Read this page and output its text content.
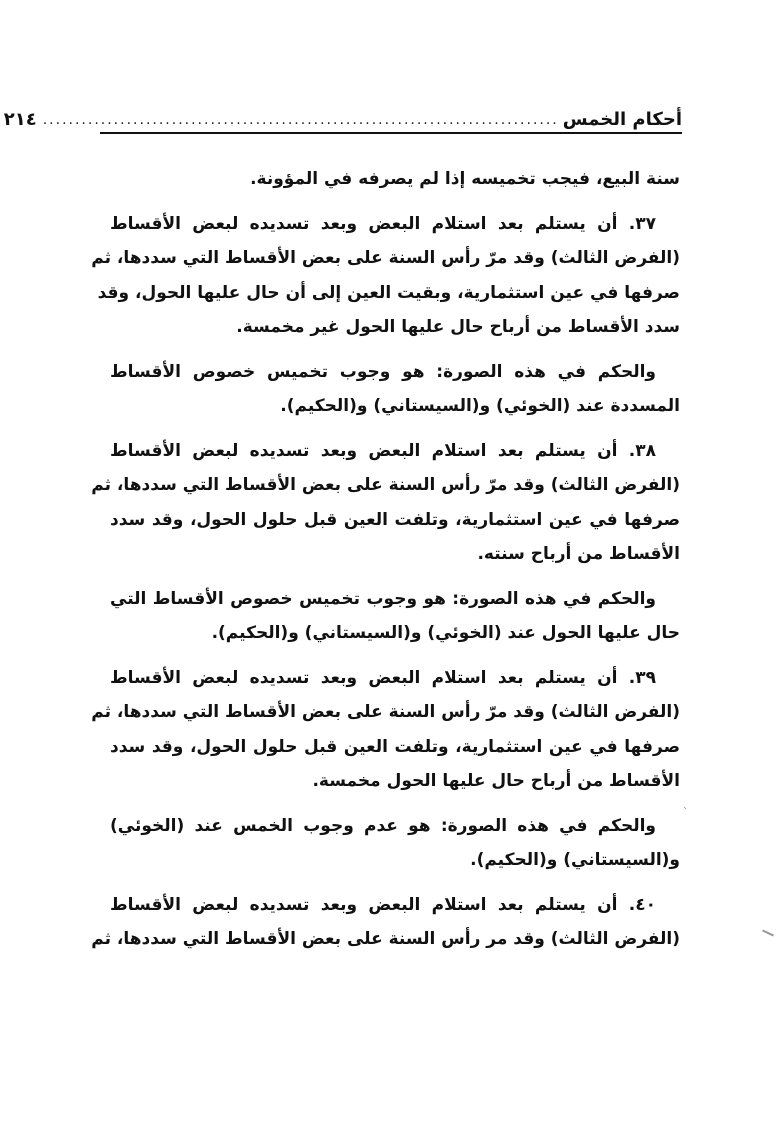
أحكام الخمس
................................................................................
٢١٤
سنة البيع، فيجب تخميسه إذا لم يصرفه في المؤونة.
٣٧. أن يستلم بعد استلام البعض وبعد تسديده لبعض الأقساط
(الفرض الثالث) وقد مرّ رأس السنة على بعض الأقساط التي سددها، ثم
صرفها في عين استثمارية، وبقيت العين إلى أن حال عليها الحول، وقد
سدد الأقساط من أرباح حال عليها الحول غير مخمسة.
والحكم في هذه الصورة: هو وجوب تخميس خصوص الأقساط
المسددة عند (الخوئي) و(السيستاني) و(الحكيم).
٣٨. أن يستلم بعد استلام البعض وبعد تسديده لبعض الأقساط
(الفرض الثالث) وقد مرّ رأس السنة على بعض الأقساط التي سددها، ثم
صرفها في عين استثمارية، وتلفت العين قبل حلول الحول، وقد سدد
الأقساط من أرباح سنته.
والحكم في هذه الصورة: هو وجوب تخميس خصوص الأقساط التي
حال عليها الحول عند (الخوئي) و(السيستاني) و(الحكيم).
٣٩. أن يستلم بعد استلام البعض وبعد تسديده لبعض الأقساط
(الفرض الثالث) وقد مرّ رأس السنة على بعض الأقساط التي سددها، ثم
صرفها في عين استثمارية، وتلفت العين قبل حلول الحول، وقد سدد
الأقساط من أرباح حال عليها الحول مخمسة.
والحكم في هذه الصورة: هو عدم وجوب الخمس عند (الخوئي)
و(السيستاني) و(الحكيم).
٤٠. أن يستلم بعد استلام البعض وبعد تسديده لبعض الأقساط
(الفرض الثالث) وقد مر رأس السنة على بعض الأقساط التي سددها، ثم
ˋ
